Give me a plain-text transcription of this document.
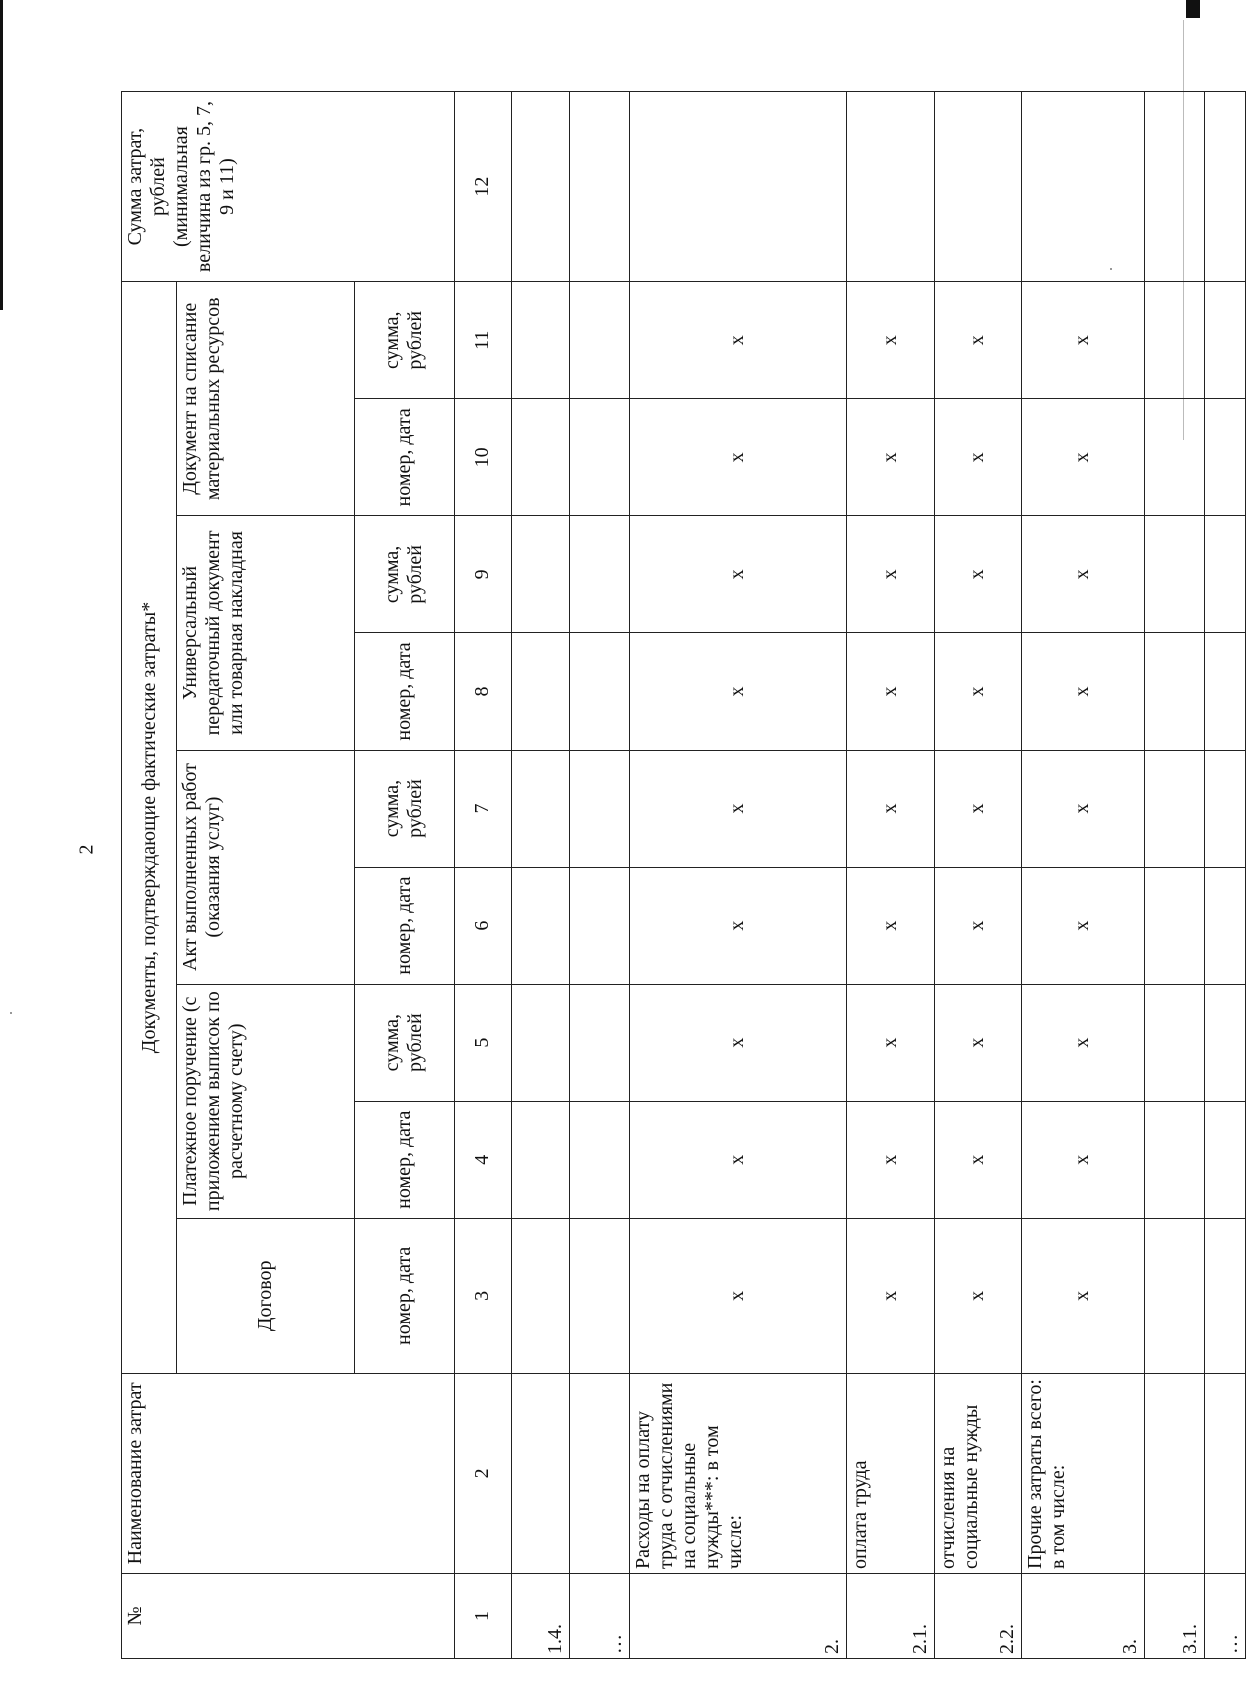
2
№	Наименование затрат	Документы, подтверждающие фактические затраты*									Сумма затрат, рублей (минимальная величина из гр. 5, 7, 9 и 11)
		Договор	Платежное поручение (с приложением выписок по расчетному счету)		Акт выполненных работ (оказания услуг)		Универсальный передаточный документ или товарная накладная		Документ на списание материальных ресурсов		
		номер, дата	номер, дата	сумма, рублей	номер, дата	сумма, рублей	номер, дата	сумма, рублей	номер, дата	сумма, рублей	
1	2	3	4	5	6	7	8	9	10	11	12
1.4.											
…											
2.	Расходы на оплату труда с отчислениями на социальные нужды***: в том числе:	х	х	х	х	х	х	х	х	х	
2.1.	оплата труда	х	х	х	х	х	х	х	х	х	
2.2.	отчисления на социальные нужды	х	х	х	х	х	х	х	х	х	
3.	Прочие затраты всего: в том числе:	х	х	х	х	х	х	х	х	х	
3.1.											
…											
